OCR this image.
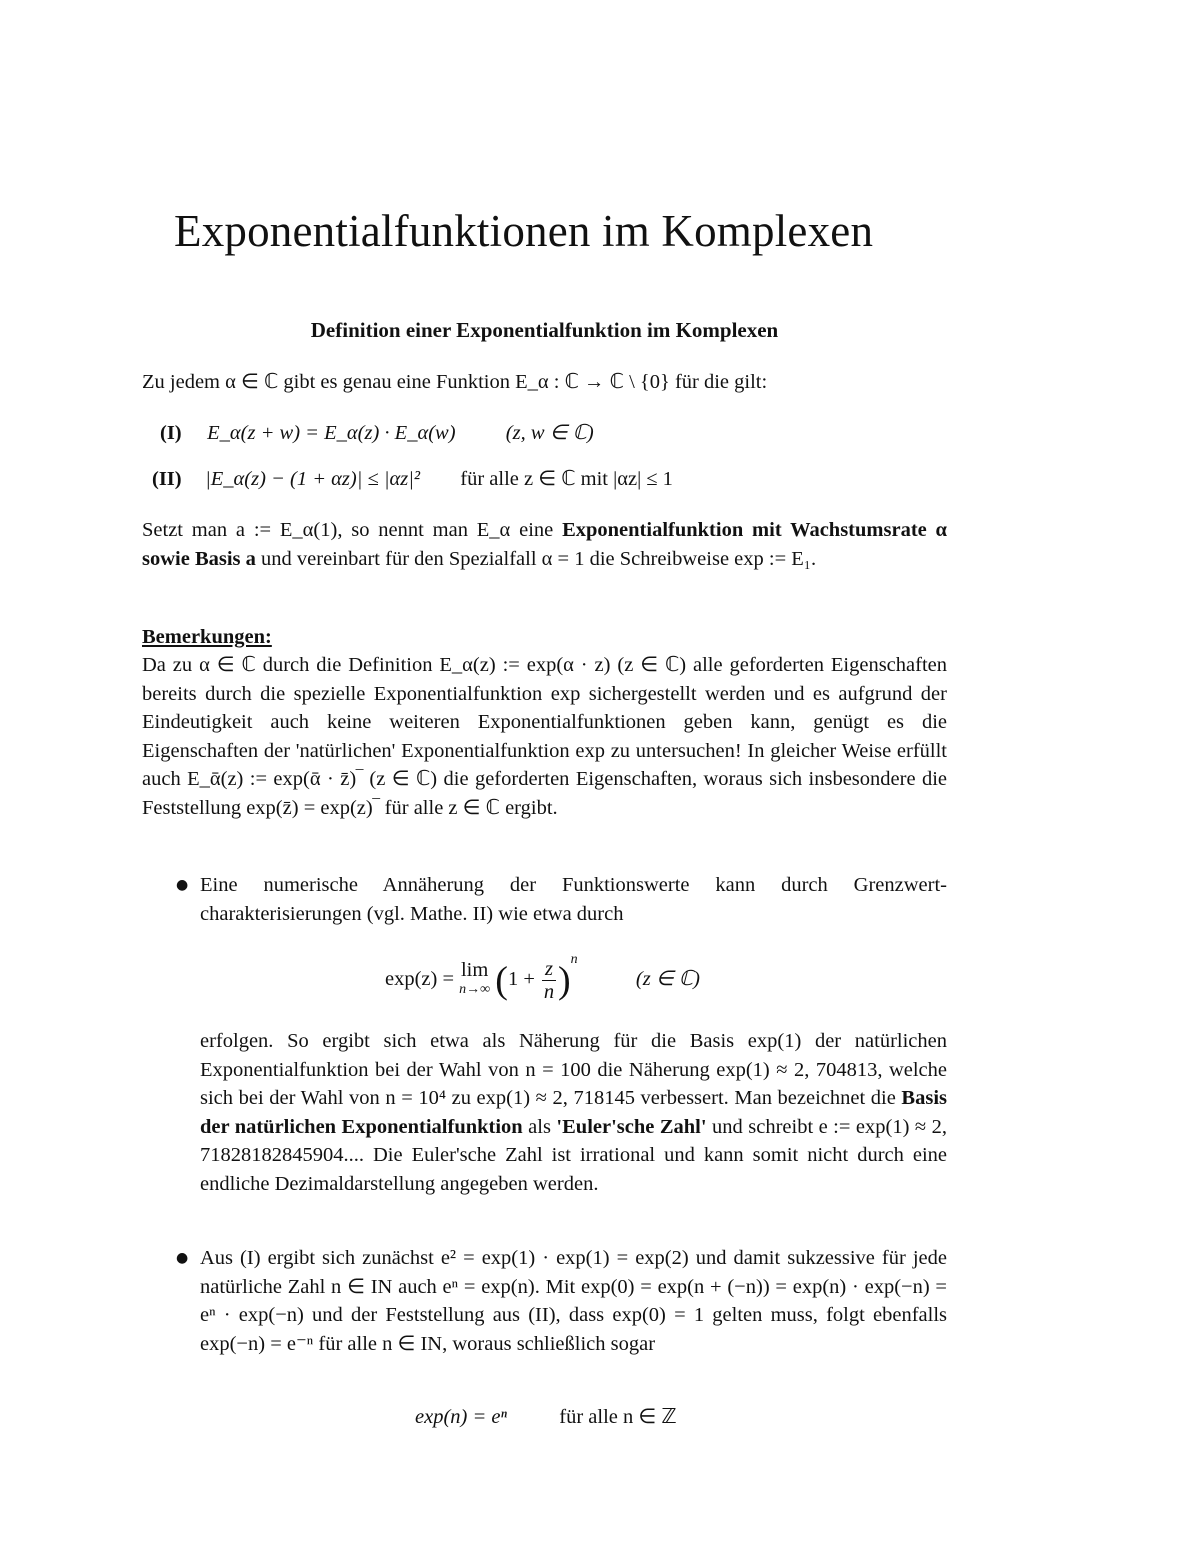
Exponentialfunktionen im Komplexen
Definition einer Exponentialfunktion im Komplexen

Zu jedem α ∈ ℂ gibt es genau eine Funktion E_α : ℂ → ℂ \ {0} für die gilt:

(I) E_α(z + w) = E_α(z) · E_α(w) (z, w ∈ ℂ)
(II) |E_α(z) − (1 + αz)| ≤ |αz|² für alle z ∈ ℂ mit |αz| ≤ 1

Setzt man a := E_α(1), so nennt man E_α eine Exponentialfunktion mit Wachstumsrate α sowie Basis a und vereinbart für den Spezialfall α = 1 die Schreibweise exp := E₁.

Bemerkungen:

Da zu α ∈ ℂ durch die Definition E_α(z) := exp(α · z) (z ∈ ℂ) alle geforderten Eigenschaften bereits durch die spezielle Exponentialfunktion exp sichergestellt werden und es aufgrund der Eindeutigkeit auch keine weiteren Exponentialfunktionen geben kann, genügt es die Eigenschaften der 'natürlichen' Exponentialfunktion exp zu untersuchen! In gleicher Weise erfüllt auch E_ᾱ(z) := exp(ᾱ · z̄)‾ (z ∈ ℂ) die geforderten Eigenschaften, woraus sich insbesondere die Feststellung exp(z̄) = exp(z)‾ für alle z ∈ ℂ ergibt.

● Eine numerische Annäherung der Funktionswerte kann durch Grenzwert-charakterisierungen (vgl. Mathe. II) wie etwa durch

exp(z) = lim
n→∞ $(1 + \frac{z}{n} )^n$  (z ∈ ℂ)

erfolgen. So ergibt sich etwa als Näherung für die Basis exp(1) der natürlichen Exponentialfunktion bei der Wahl von n = 100 die Näherung exp(1) ≈ 2, 704813, welche sich bei der Wahl von n = 10⁴ zu exp(1) ≈ 2, 718145 verbessert. Man bezeichnet die Basis der natürlichen Exponentialfunktion als 'Euler'sche Zahl' und schreibt e := exp(1) ≈ 2, 71828182845904.... Die Euler'sche Zahl ist irrational und kann somit nicht durch eine endliche Dezimaldarstellung angegeben werden.

● Aus (I) ergibt sich zunächst e² = exp(1) · exp(1) = exp(2) und damit sukzessive für jede natürliche Zahl n ∈ IN auch eⁿ = exp(n). Mit exp(0) = exp(n + (−n)) = exp(n) · exp(−n) = eⁿ · exp(−n) und der Feststellung aus (II), dass exp(0) = 1 gelten muss, folgt ebenfalls exp(−n) = e⁻ⁿ für alle n ∈ IN, woraus schließlich sogar

exp(n) = eⁿ	für alle n ∈ ℤ
